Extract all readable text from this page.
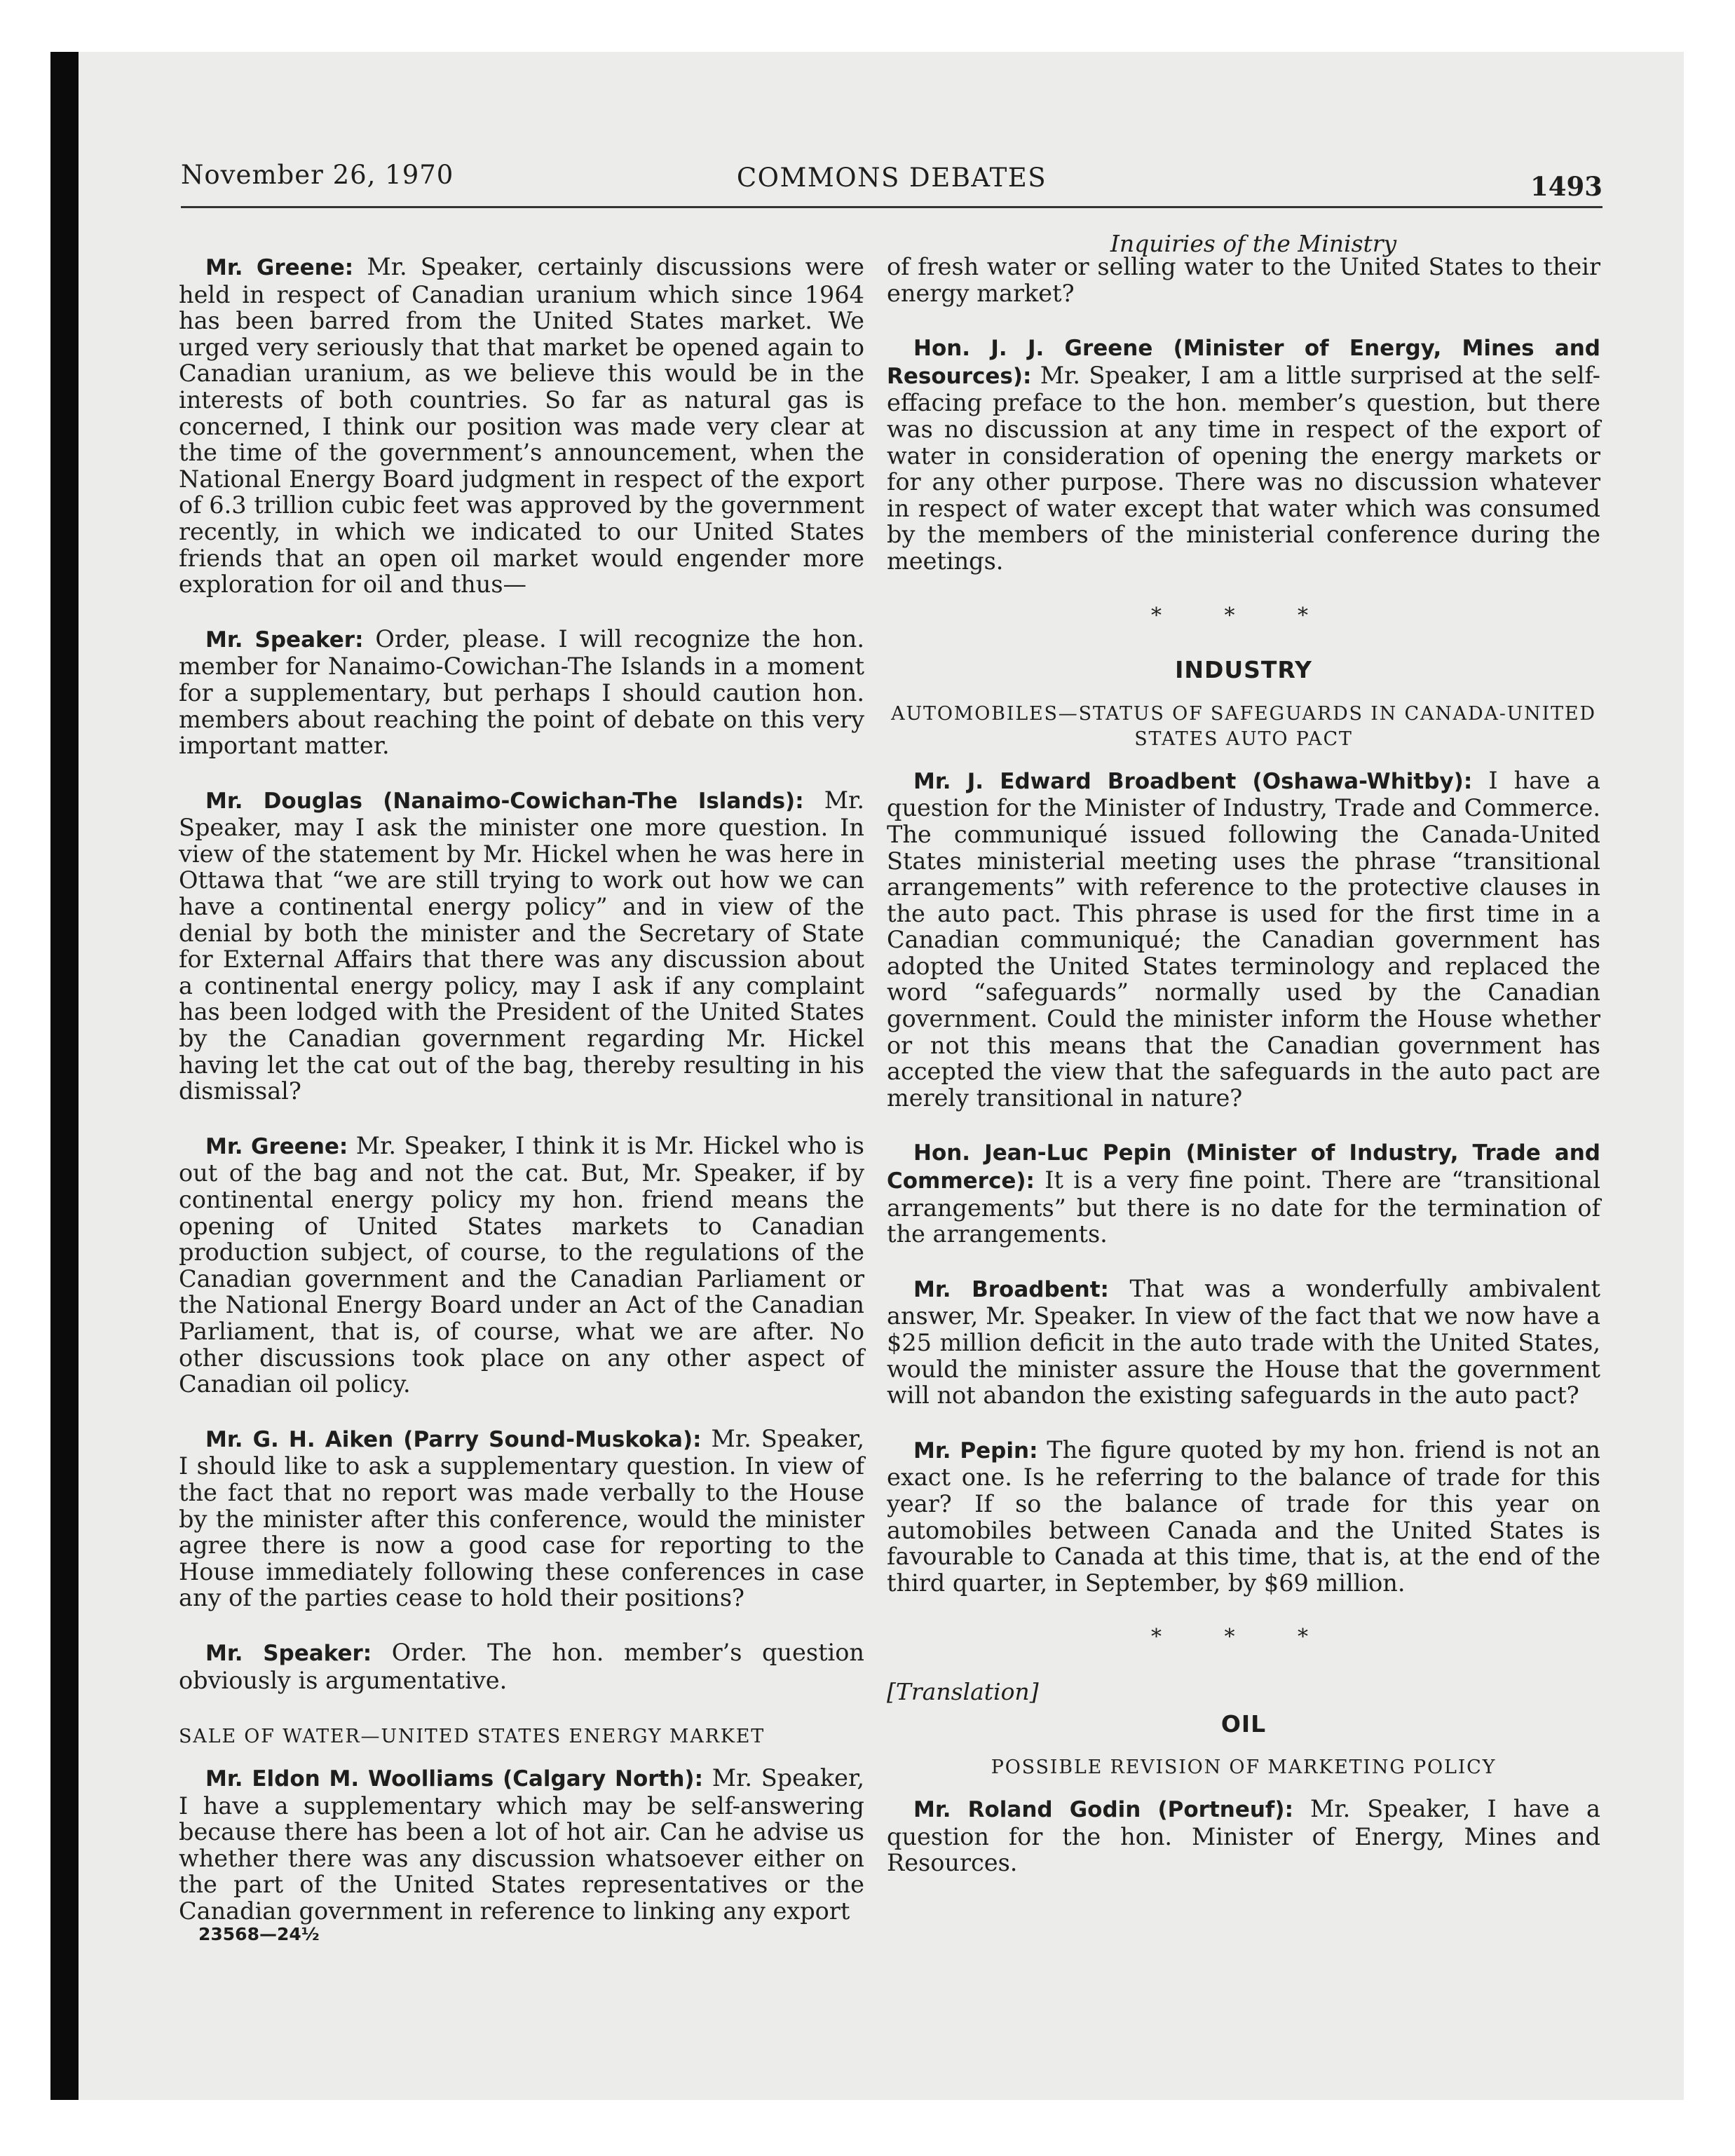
November 26, 1970	COMMONS DEBATES	1493
Inquiries of the Ministry

Mr. Greene: Mr. Speaker, certainly discussions were held in respect of Canadian uranium which since 1964 has been barred from the United States market. We urged very seriously that that market be opened again to Canadian uranium, as we believe this would be in the interests of both countries. So far as natural gas is concerned, I think our position was made very clear at the time of the government’s announcement, when the National Energy Board judgment in respect of the export of 6.3 trillion cubic feet was approved by the government recently, in which we indicated to our United States friends that an open oil market would engender more exploration for oil and thus—

Mr. Speaker: Order, please. I will recognize the hon. member for Nanaimo-Cowichan-The Islands in a moment for a supplementary, but perhaps I should caution hon. members about reaching the point of debate on this very important matter.

Mr. Douglas (Nanaimo-Cowichan-The Islands): Mr. Speaker, may I ask the minister one more question. In view of the statement by Mr. Hickel when he was here in Ottawa that “we are still trying to work out how we can have a continental energy policy” and in view of the denial by both the minister and the Secretary of State for External Affairs that there was any discussion about a continental energy policy, may I ask if any complaint has been lodged with the President of the United States by the Canadian government regarding Mr. Hickel having let the cat out of the bag, thereby resulting in his dismissal?

Mr. Greene: Mr. Speaker, I think it is Mr. Hickel who is out of the bag and not the cat. But, Mr. Speaker, if by continental energy policy my hon. friend means the opening of United States markets to Canadian production subject, of course, to the regulations of the Canadian government and the Canadian Parliament or the National Energy Board under an Act of the Canadian Parliament, that is, of course, what we are after. No other discussions took place on any other aspect of Canadian oil policy.

Mr. G. H. Aiken (Parry Sound-Muskoka): Mr. Speaker, I should like to ask a supplementary question. In view of the fact that no report was made verbally to the House by the minister after this conference, would the minister agree there is now a good case for reporting to the House immediately following these conferences in case any of the parties cease to hold their positions?

Mr. Speaker: Order. The hon. member’s question obviously is argumentative.

SALE OF WATER—UNITED STATES ENERGY MARKET

Mr. Eldon M. Woolliams (Calgary North): Mr. Speaker, I have a supplementary which may be self-answering because there has been a lot of hot air. Can he advise us whether there was any discussion whatsoever either on the part of the United States representatives or the Canadian government in reference to linking any export

23568—24½

of fresh water or selling water to the United States to their energy market?

Hon. J. J. Greene (Minister of Energy, Mines and Resources): Mr. Speaker, I am a little surprised at the self-effacing preface to the hon. member’s question, but there was no discussion at any time in respect of the export of water in consideration of opening the energy markets or for any other purpose. There was no discussion whatever in respect of water except that water which was consumed by the members of the ministerial conference during the meetings.

* * *
INDUSTRY
AUTOMOBILES—STATUS OF SAFEGUARDS IN CANADA-UNITED STATES AUTO PACT

Mr. J. Edward Broadbent (Oshawa-Whitby): I have a question for the Minister of Industry, Trade and Commerce. The communiqué issued following the Canada-United States ministerial meeting uses the phrase “transitional arrangements” with reference to the protective clauses in the auto pact. This phrase is used for the first time in a Canadian communiqué; the Canadian government has adopted the United States terminology and replaced the word “safeguards” normally used by the Canadian government. Could the minister inform the House whether or not this means that the Canadian government has accepted the view that the safeguards in the auto pact are merely transitional in nature?

Hon. Jean-Luc Pepin (Minister of Industry, Trade and Commerce): It is a very fine point. There are “transitional arrangements” but there is no date for the termination of the arrangements.

Mr. Broadbent: That was a wonderfully ambivalent answer, Mr. Speaker. In view of the fact that we now have a $25 million deficit in the auto trade with the United States, would the minister assure the House that the government will not abandon the existing safeguards in the auto pact?

Mr. Pepin: The figure quoted by my hon. friend is not an exact one. Is he referring to the balance of trade for this year? If so the balance of trade for this year on automobiles between Canada and the United States is favourable to Canada at this time, that is, at the end of the third quarter, in September, by $69 million.

* * *
[Translation]
OIL
POSSIBLE REVISION OF MARKETING POLICY

Mr. Roland Godin (Portneuf): Mr. Speaker, I have a question for the hon. Minister of Energy, Mines and Resources.
